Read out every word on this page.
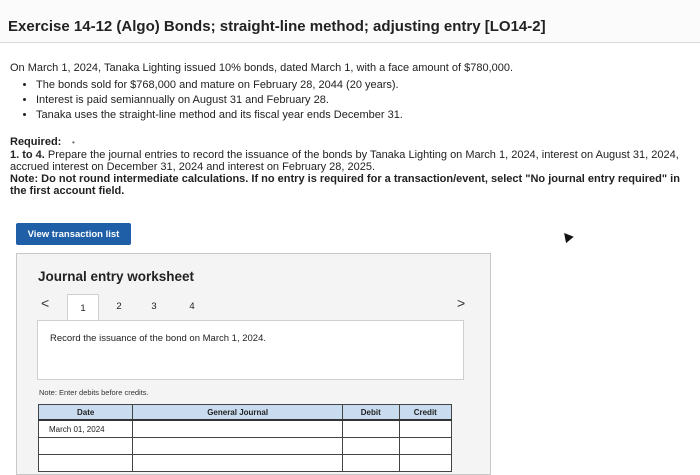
Exercise 14-12 (Algo) Bonds; straight-line method; adjusting entry [LO14-2]
On March 1, 2024, Tanaka Lighting issued 10% bonds, dated March 1, with a face amount of $780,000.
• The bonds sold for $768,000 and mature on February 28, 2044 (20 years).
• Interest is paid semiannually on August 31 and February 28.
• Tanaka uses the straight-line method and its fiscal year ends December 31.
Required: •
1. to 4. Prepare the journal entries to record the issuance of the bonds by Tanaka Lighting on March 1, 2024, interest on August 31, 2024, accrued interest on December 31, 2024 and interest on February 28, 2025.
Note: Do not round intermediate calculations. If no entry is required for a transaction/event, select "No journal entry required" in the first account field.
View transaction list
Journal entry worksheet
<	1	2	3	4	>
Record the issuance of the bond on March 1, 2024.
Note: Enter debits before credits.
Date	General Journal	Debit	Credit
March 01, 2024			
